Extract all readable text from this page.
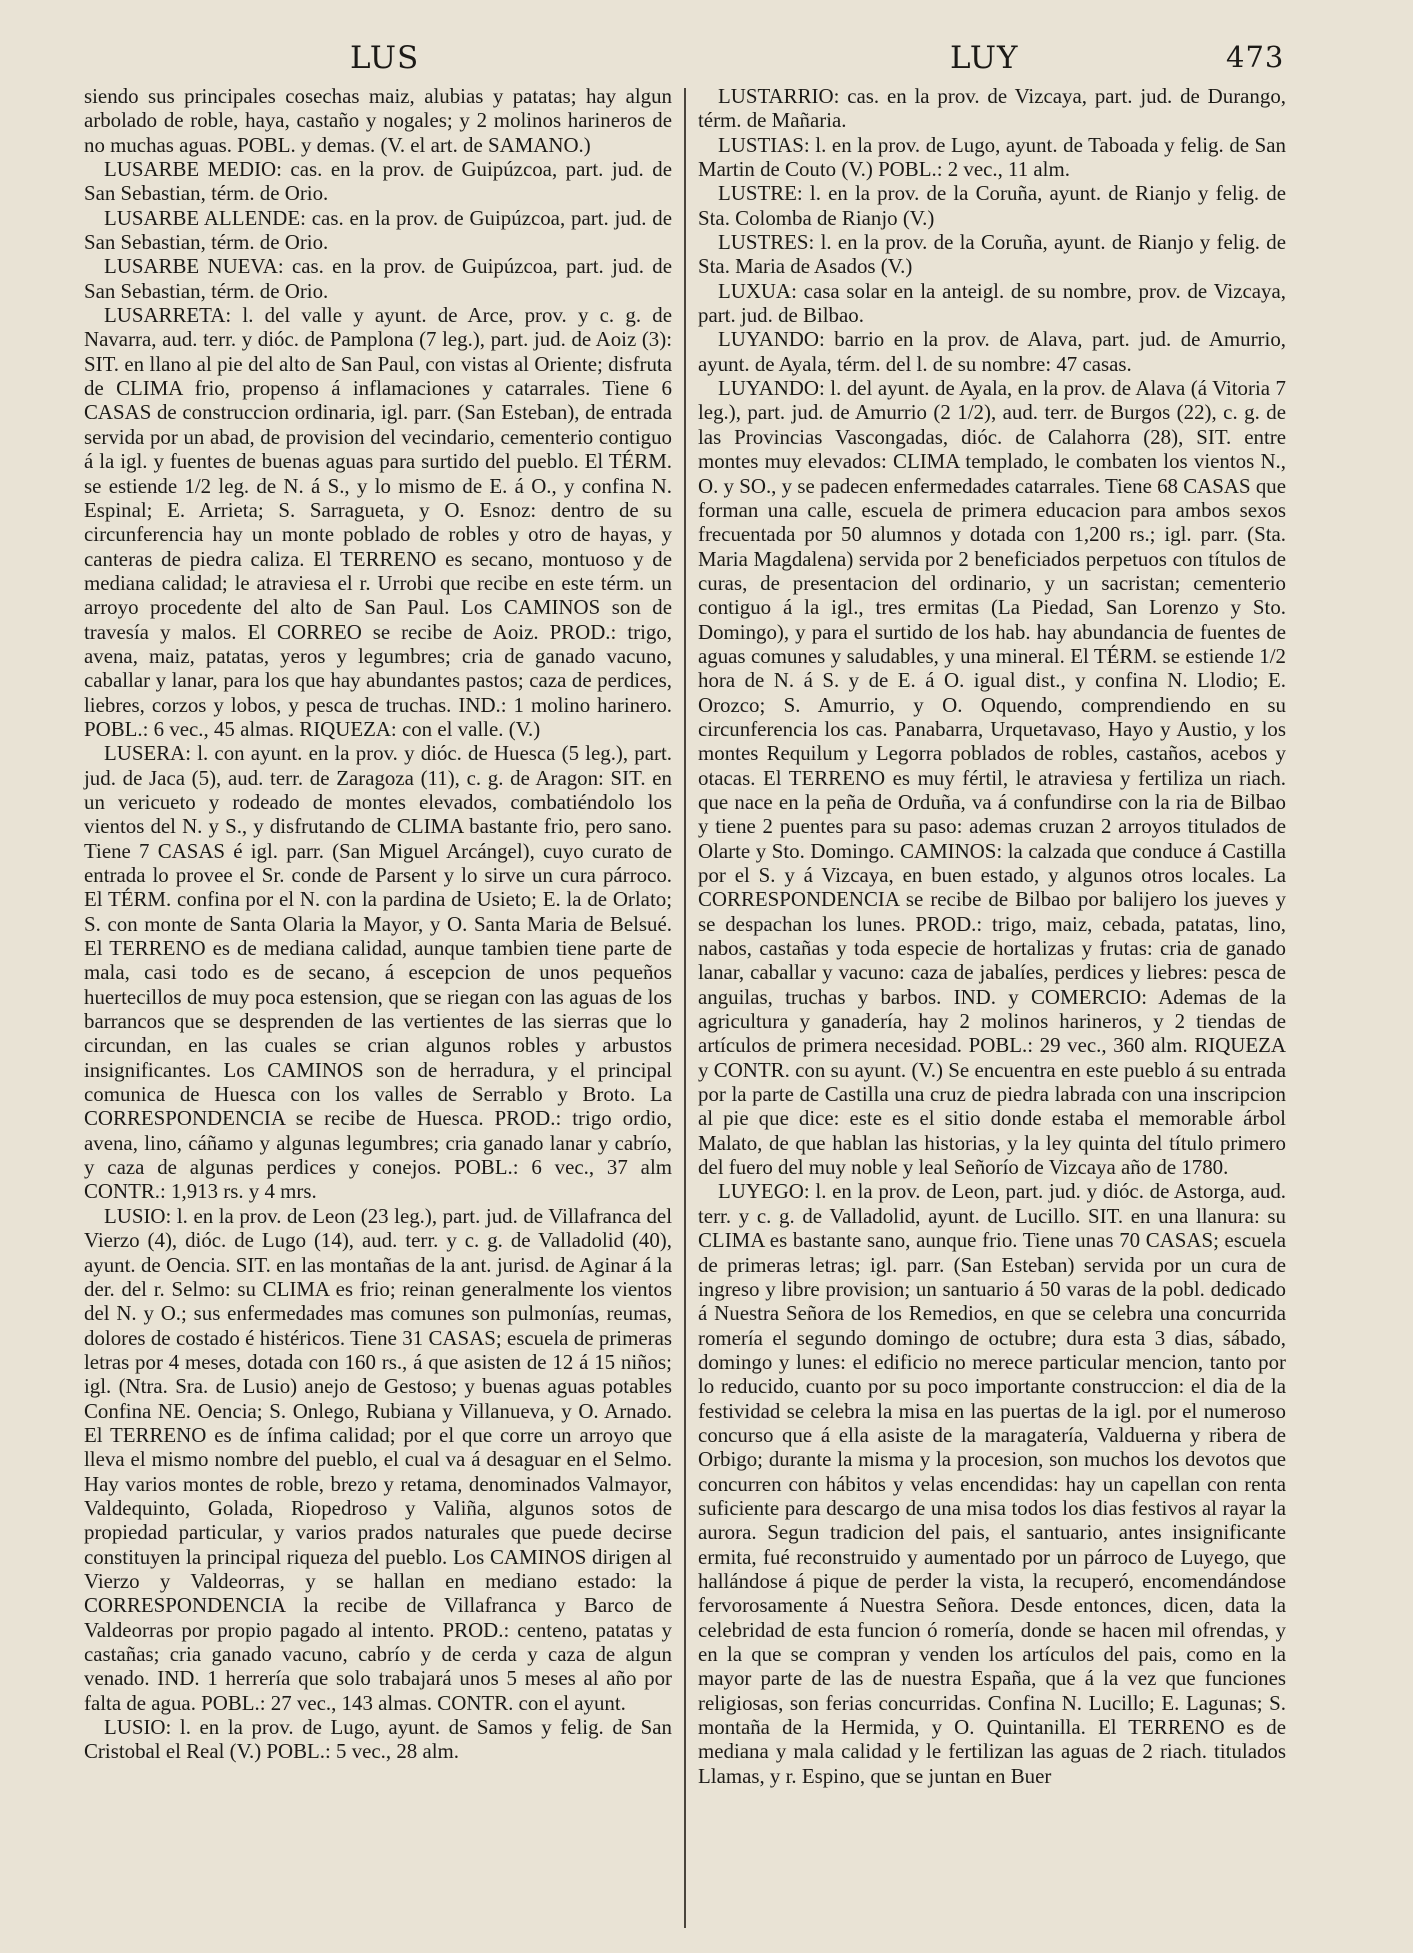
LUS	LUY	473

siendo sus principales cosechas maiz, alubias y patatas; hay algun arbolado de roble, haya, castaño y nogales; y 2 molinos harineros de no muchas aguas. POBL. y demas. (V. el art. de SAMANO.)

LUSARBE MEDIO: cas. en la prov. de Guipúzcoa, part. jud. de San Sebastian, térm. de Orio.

LUSARBE ALLENDE: cas. en la prov. de Guipúzcoa, part. jud. de San Sebastian, térm. de Orio.

LUSARBE NUEVA: cas. en la prov. de Guipúzcoa, part. jud. de San Sebastian, térm. de Orio.

LUSARRETA: l. del valle y ayunt. de Arce, prov. y c. g. de Navarra, aud. terr. y dióc. de Pamplona (7 leg.), part. jud. de Aoiz (3): SIT. en llano al pie del alto de San Paul, con vistas al Oriente; disfruta de CLIMA frio, propenso á inflamaciones y catarrales. Tiene 6 CASAS de construccion ordinaria, igl. parr. (San Esteban), de entrada servida por un abad, de provision del vecindario, cementerio contiguo á la igl. y fuentes de buenas aguas para surtido del pueblo. El TÉRM. se estiende 1/2 leg. de N. á S., y lo mismo de E. á O., y confina N. Espinal; E. Arrieta; S. Sarragueta, y O. Esnoz: dentro de su circunferencia hay un monte poblado de robles y otro de hayas, y canteras de piedra caliza. El TERRENO es secano, montuoso y de mediana calidad; le atraviesa el r. Urrobi que recibe en este térm. un arroyo procedente del alto de San Paul. Los CAMINOS son de travesía y malos. El CORREO se recibe de Aoiz. PROD.: trigo, avena, maiz, patatas, yeros y legumbres; cria de ganado vacuno, caballar y lanar, para los que hay abundantes pastos; caza de perdices, liebres, corzos y lobos, y pesca de truchas. IND.: 1 molino harinero. POBL.: 6 vec., 45 almas. RIQUEZA: con el valle. (V.)

LUSERA: l. con ayunt. en la prov. y dióc. de Huesca (5 leg.), part. jud. de Jaca (5), aud. terr. de Zaragoza (11), c. g. de Aragon: SIT. en un vericueto y rodeado de montes elevados, combatiéndolo los vientos del N. y S., y disfrutando de CLIMA bastante frio, pero sano. Tiene 7 CASAS é igl. parr. (San Miguel Arcángel), cuyo curato de entrada lo provee el Sr. conde de Parsent y lo sirve un cura párroco. El TÉRM. confina por el N. con la pardina de Usieto; E. la de Orlato; S. con monte de Santa Olaria la Mayor, y O. Santa Maria de Belsué. El TERRENO es de mediana calidad, aunque tambien tiene parte de mala, casi todo es de secano, á escepcion de unos pequeños huertecillos de muy poca estension, que se riegan con las aguas de los barrancos que se desprenden de las vertientes de las sierras que lo circundan, en las cuales se crian algunos robles y arbustos insignificantes. Los CAMINOS son de herradura, y el principal comunica de Huesca con los valles de Serrablo y Broto. La CORRESPONDENCIA se recibe de Huesca. PROD.: trigo ordio, avena, lino, cáñamo y algunas legumbres; cria ganado lanar y cabrío, y caza de algunas perdices y conejos. POBL.: 6 vec., 37 alm CONTR.: 1,913 rs. y 4 mrs.

LUSIO: l. en la prov. de Leon (23 leg.), part. jud. de Villafranca del Vierzo (4), dióc. de Lugo (14), aud. terr. y c. g. de Valladolid (40), ayunt. de Oencia. SIT. en las montañas de la ant. jurisd. de Aginar á la der. del r. Selmo: su CLIMA es frio; reinan generalmente los vientos del N. y O.; sus enfermedades mas comunes son pulmonías, reumas, dolores de costado é histéricos. Tiene 31 CASAS; escuela de primeras letras por 4 meses, dotada con 160 rs., á que asisten de 12 á 15 niños; igl. (Ntra. Sra. de Lusio) anejo de Gestoso; y buenas aguas potables Confina NE. Oencia; S. Onlego, Rubiana y Villanueva, y O. Arnado. El TERRENO es de ínfima calidad; por el que corre un arroyo que lleva el mismo nombre del pueblo, el cual va á desaguar en el Selmo. Hay varios montes de roble, brezo y retama, denominados Valmayor, Valdequinto, Golada, Riopedroso y Valiña, algunos sotos de propiedad particular, y varios prados naturales que puede decirse constituyen la principal riqueza del pueblo. Los CAMINOS dirigen al Vierzo y Valdeorras, y se hallan en mediano estado: la CORRESPONDENCIA la recibe de Villafranca y Barco de Valdeorras por propio pagado al intento. PROD.: centeno, patatas y castañas; cria ganado vacuno, cabrío y de cerda y caza de algun venado. IND. 1 herrería que solo trabajará unos 5 meses al año por falta de agua. POBL.: 27 vec., 143 almas. CONTR. con el ayunt.

LUSIO: l. en la prov. de Lugo, ayunt. de Samos y felig. de San Cristobal el Real (V.) POBL.: 5 vec., 28 alm.

LUSTARRIO: cas. en la prov. de Vizcaya, part. jud. de Durango, térm. de Mañaria.

LUSTIAS: l. en la prov. de Lugo, ayunt. de Taboada y felig. de San Martin de Couto (V.) POBL.: 2 vec., 11 alm.

LUSTRE: l. en la prov. de la Coruña, ayunt. de Rianjo y felig. de Sta. Colomba de Rianjo (V.)

LUSTRES: l. en la prov. de la Coruña, ayunt. de Rianjo y felig. de Sta. Maria de Asados (V.)

LUXUA: casa solar en la anteigl. de su nombre, prov. de Vizcaya, part. jud. de Bilbao.

LUYANDO: barrio en la prov. de Alava, part. jud. de Amurrio, ayunt. de Ayala, térm. del l. de su nombre: 47 casas.

LUYANDO: l. del ayunt. de Ayala, en la prov. de Alava (á Vitoria 7 leg.), part. jud. de Amurrio (2 1/2), aud. terr. de Burgos (22), c. g. de las Provincias Vascongadas, dióc. de Calahorra (28), SIT. entre montes muy elevados: CLIMA templado, le combaten los vientos N., O. y SO., y se padecen enfermedades catarrales. Tiene 68 CASAS que forman una calle, escuela de primera educacion para ambos sexos frecuentada por 50 alumnos y dotada con 1,200 rs.; igl. parr. (Sta. Maria Magdalena) servida por 2 beneficiados perpetuos con títulos de curas, de presentacion del ordinario, y un sacristan; cementerio contiguo á la igl., tres ermitas (La Piedad, San Lorenzo y Sto. Domingo), y para el surtido de los hab. hay abundancia de fuentes de aguas comunes y saludables, y una mineral. El TÉRM. se estiende 1/2 hora de N. á S. y de E. á O. igual dist., y confina N. Llodio; E. Orozco; S. Amurrio, y O. Oquendo, comprendiendo en su circunferencia los cas. Panabarra, Urquetavaso, Hayo y Austio, y los montes Requilum y Legorra poblados de robles, castaños, acebos y otacas. El TERRENO es muy fértil, le atraviesa y fertiliza un riach. que nace en la peña de Orduña, va á confundirse con la ria de Bilbao y tiene 2 puentes para su paso: ademas cruzan 2 arroyos titulados de Olarte y Sto. Domingo. CAMINOS: la calzada que conduce á Castilla por el S. y á Vizcaya, en buen estado, y algunos otros locales. La CORRESPONDENCIA se recibe de Bilbao por balijero los jueves y se despachan los lunes. PROD.: trigo, maiz, cebada, patatas, lino, nabos, castañas y toda especie de hortalizas y frutas: cria de ganado lanar, caballar y vacuno: caza de jabalíes, perdices y liebres: pesca de anguilas, truchas y barbos. IND. y COMERCIO: Ademas de la agricultura y ganadería, hay 2 molinos harineros, y 2 tiendas de artículos de primera necesidad. POBL.: 29 vec., 360 alm. RIQUEZA y CONTR. con su ayunt. (V.) Se encuentra en este pueblo á su entrada por la parte de Castilla una cruz de piedra labrada con una inscripcion al pie que dice: este es el sitio donde estaba el memorable árbol Malato, de que hablan las historias, y la ley quinta del título primero del fuero del muy noble y leal Señorío de Vizcaya año de 1780.

LUYEGO: l. en la prov. de Leon, part. jud. y dióc. de Astorga, aud. terr. y c. g. de Valladolid, ayunt. de Lucillo. SIT. en una llanura: su CLIMA es bastante sano, aunque frio. Tiene unas 70 CASAS; escuela de primeras letras; igl. parr. (San Esteban) servida por un cura de ingreso y libre provision; un santuario á 50 varas de la pobl. dedicado á Nuestra Señora de los Remedios, en que se celebra una concurrida romería el segundo domingo de octubre; dura esta 3 dias, sábado, domingo y lunes: el edificio no merece particular mencion, tanto por lo reducido, cuanto por su poco importante construccion: el dia de la festividad se celebra la misa en las puertas de la igl. por el numeroso concurso que á ella asiste de la maragatería, Valduerna y ribera de Orbigo; durante la misma y la procesion, son muchos los devotos que concurren con hábitos y velas encendidas: hay un capellan con renta suficiente para descargo de una misa todos los dias festivos al rayar la aurora. Segun tradicion del pais, el santuario, antes insignificante ermita, fué reconstruido y aumentado por un párroco de Luyego, que hallándose á pique de perder la vista, la recuperó, encomendándose fervorosamente á Nuestra Señora. Desde entonces, dicen, data la celebridad de esta funcion ó romería, donde se hacen mil ofrendas, y en la que se compran y venden los artículos del pais, como en la mayor parte de las de nuestra España, que á la vez que funciones religiosas, son ferias concurridas. Confina N. Lucillo; E. Lagunas; S. montaña de la Hermida, y O. Quintanilla. El TERRENO es de mediana y mala calidad y le fertilizan las aguas de 2 riach. titulados Llamas, y r. Espino, que se juntan en Buer
